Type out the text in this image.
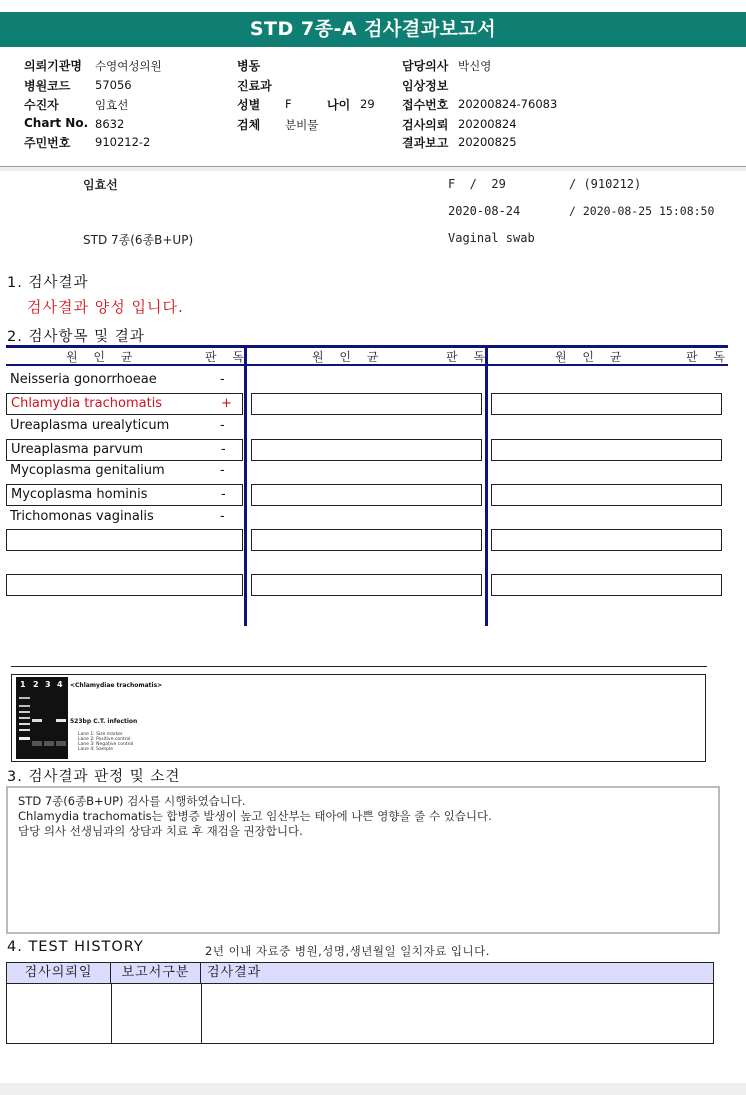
STD 7종-A 검사결과보고서
의뢰기관명 수영여성의원
병원코드 57056
수진자	임효선
Chart No. 8632
주민번호 910212-2
병동
진료과
성별 F	나이 29
검체 분비물
담당의사 박신영
임상정보
접수번호 20200824-76083
검사의뢰 20200824
결과보고 20200825
임효선	F  /  29	/ (910212)
2020-08-24	/ 2020-08-25 15:08:50
STD 7종(6종B+UP)	Vaginal swab
1. 검사결과
검사결과 양성 입니다.
2. 검사항목 및 결과
원 인 균	판 독	원 인 균	판 독	원 인 균	판 독
Neisseria gonorrhoeae	-
Chlamydia trachomatis	+
Ureaplasma urealyticum	-
Ureaplasma parvum	-
Mycoplasma genitalium	-
Mycoplasma hominis	-
Trichomonas vaginalis	-
1 2 3 4 <Chlamydiae trachomatis>
523bp C.T. infection
Lane 1: Size marker
Lane 2: Positive control
Lane 3: Negative control
Lane 4: Sample
3. 검사결과 판정 및 소견
STD 7종(6종B+UP) 검사를 시행하였습니다.
Chlamydia trachomatis는 합병증 발생이 높고 임산부는 태아에 나쁜 영향을 줄 수 있습니다.
담당 의사 선생님과의 상담과 치료 후 재검을 권장합니다.
4. TEST HISTORY	2년 이내 자료중 병원,성명,생년월일 일치자료 입니다.
검사의뢰일	보고서구분	검사결과
